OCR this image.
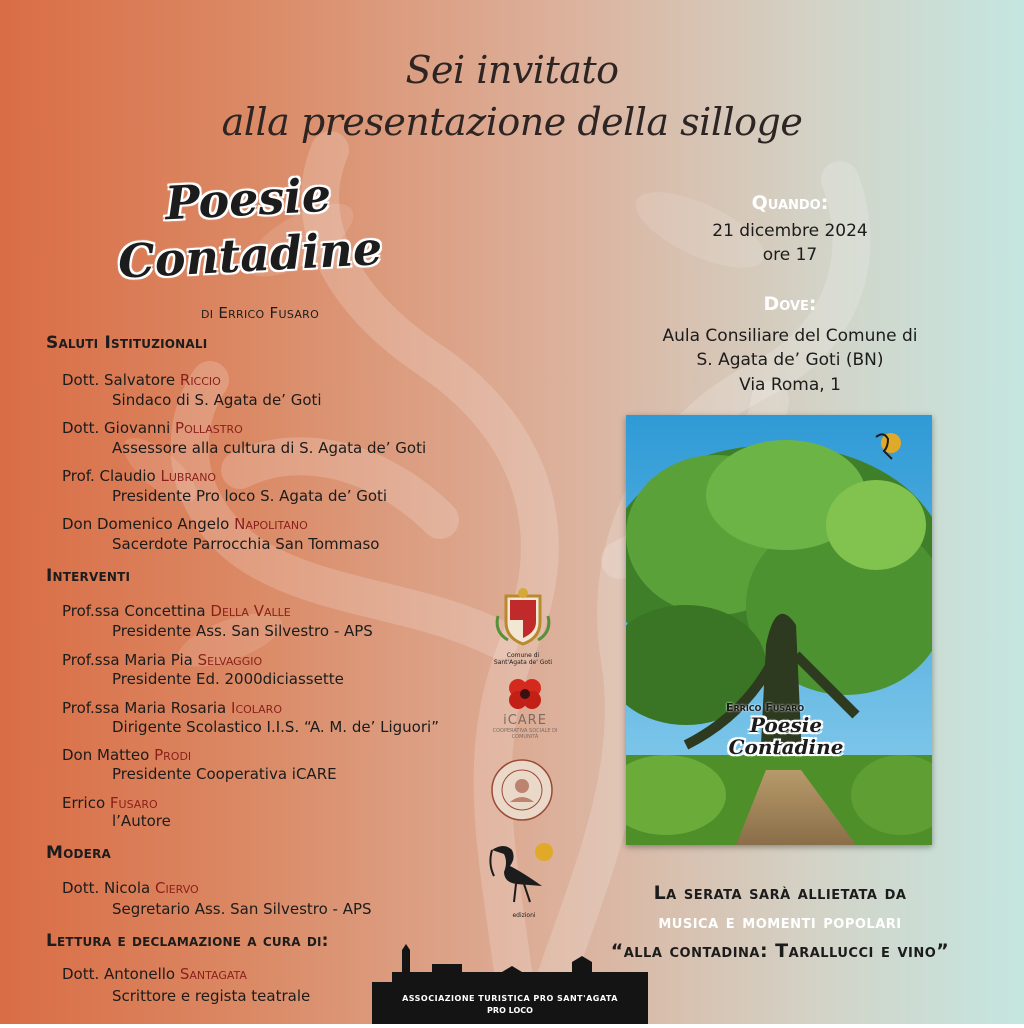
Sei invitato
alla presentazione della silloge
Poesie
Contadine
di Errico Fusaro
Saluti Istituzionali
Dott. Salvatore Riccio
Sindaco di S. Agata de’ Goti
Dott. Giovanni Pollastro
Assessore alla cultura di S. Agata de’ Goti
Prof. Claudio Lubrano
Presidente Pro loco S. Agata de’ Goti
Don Domenico Angelo Napolitano
Sacerdote Parrocchia San Tommaso
Interventi
Prof.ssa Concettina Della Valle
Presidente Ass. San Silvestro - APS
Prof.ssa Maria Pia Selvaggio
Presidente Ed. 2000diciassette
Prof.ssa Maria Rosaria Icolaro
Dirigente Scolastico I.I.S. “A. M. de’ Liguori”
Don Matteo Prodi
Presidente Cooperativa iCARE
Errico Fusaro
l’Autore
Modera
Dott. Nicola Ciervo
Segretario Ass. San Silvestro - APS
Lettura e declamazione a cura di:
Dott. Antonello Santagata
Scrittore e regista teatrale
Comune di Sant'Agata de' Goti
iCARE
COOPERATIVA SOCIALE DI COMUNITÀ
edizioni
Quando:
21 dicembre 2024
ore 17
Dove:
Aula Consiliare del Comune di
S. Agata de’ Goti (BN)
Via Roma, 1
Errico Fusaro
Poesie
Contadine
La serata sarà allietata da
musica e momenti popolari
“alla contadina: Tarallucci e vino”
ASSOCIAZIONE TURISTICA PRO SANT'AGATA
PRO LOCO
